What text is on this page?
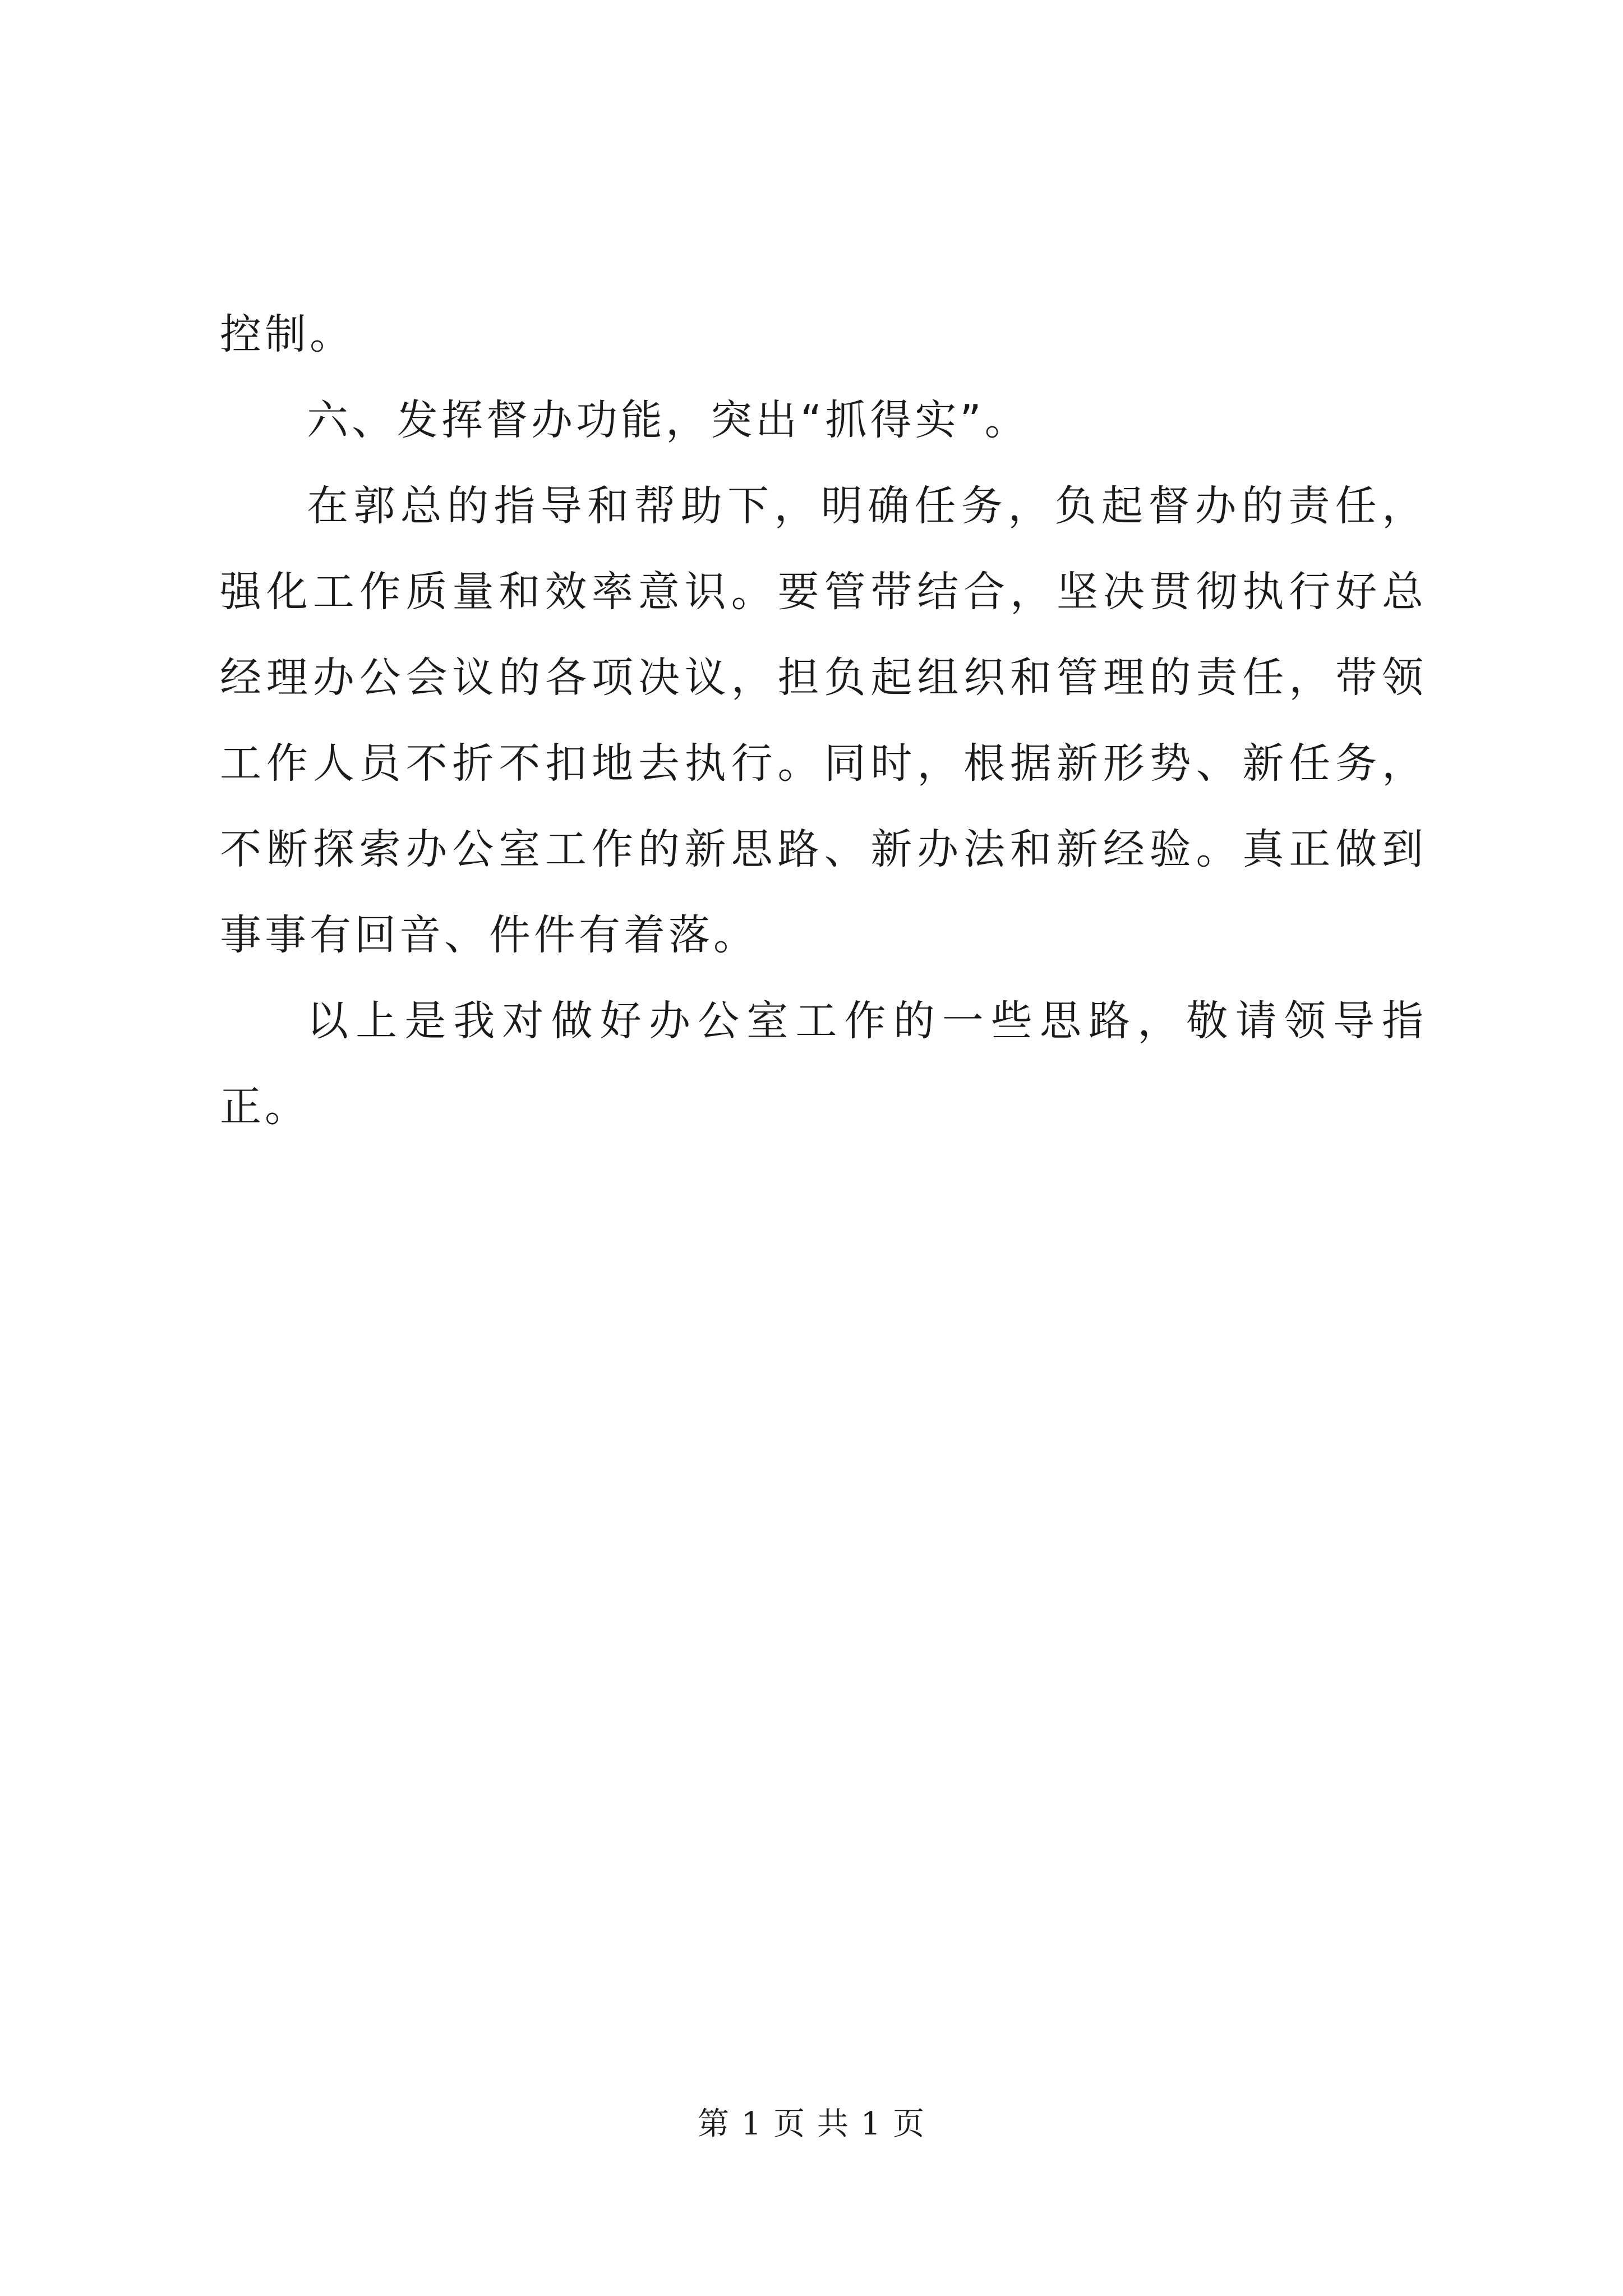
控制。

六、发挥督办功能，突出“抓得实”。

在郭总的指导和帮助下，明确任务，负起督办的责任，强化工作质量和效率意识。要管带结合，坚决贯彻执行好总经理办公会议的各项决议，担负起组织和管理的责任，带领工作人员不折不扣地去执行。同时，根据新形势、新任务，不断探索办公室工作的新思路、新办法和新经验。真正做到事事有回音、件件有着落。

以上是我对做好办公室工作的一些思路，敬请领导指正。

第 1 页 共 1 页
